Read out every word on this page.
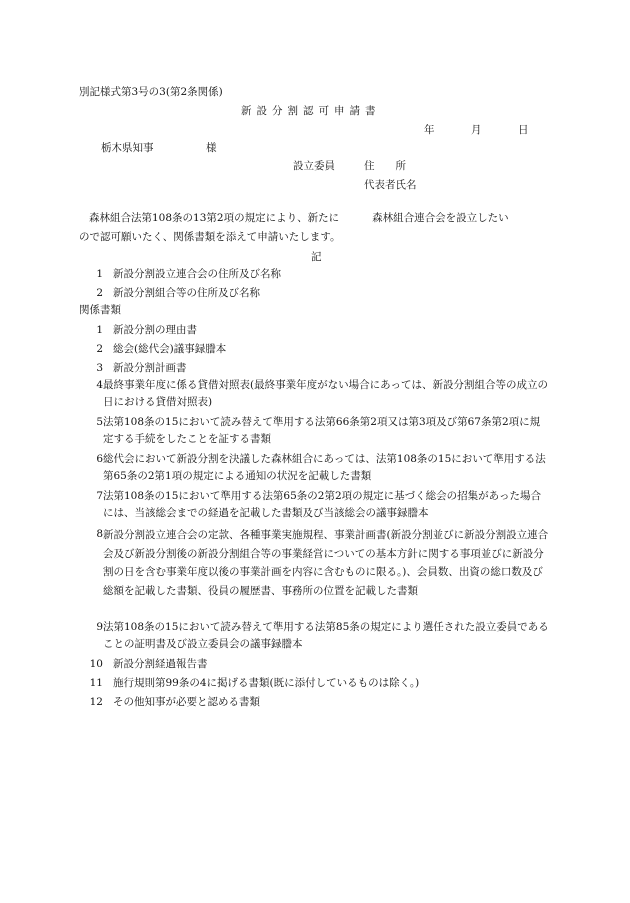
別記様式第3号の3(第2条関係)
新設分割認可申請書
年	月	日
栃木県知事	様
設立委員	住　　所
代表者氏名
森林組合法第108条の13第2項の規定により、新たに	森林組合連合会を設立したい
ので認可願いたく、関係書類を添えて申請いたします。
記
1 新設分割設立連合会の住所及び名称
2 新設分割組合等の住所及び名称
関係書類
1 新設分割の理由書
2 総会(総代会)議事録謄本
3 新設分割計画書
4 最終事業年度に係る貸借対照表(最終事業年度がない場合にあっては、新設分割組合等の成立の日における貸借対照表)
5 法第108条の15において読み替えて準用する法第66条第2項又は第3項及び第67条第2項に規定する手続をしたことを証する書類
6 総代会において新設分割を決議した森林組合にあっては、法第108条の15において準用する法第65条の2第1項の規定による通知の状況を記載した書類
7 法第108条の15において準用する法第65条の2第2項の規定に基づく総会の招集があった場合には、当該総会までの経過を記載した書類及び当該総会の議事録謄本
8 新設分割設立連合会の定款、各種事業実施規程、事業計画書(新設分割並びに新設分割設立連合会及び新設分割後の新設分割組合等の事業経営についての基本方針に関する事項並びに新設分割の日を含む事業年度以後の事業計画を内容に含むものに限る。)、会員数、出資の総口数及び総額を記載した書類、役員の履歴書、事務所の位置を記載した書類
9 法第108条の15において読み替えて準用する法第85条の規定により選任された設立委員であることの証明書及び設立委員会の議事録謄本
10 新設分割経過報告書
11 施行規則第99条の4に掲げる書類(既に添付しているものは除く。)
12 その他知事が必要と認める書類
